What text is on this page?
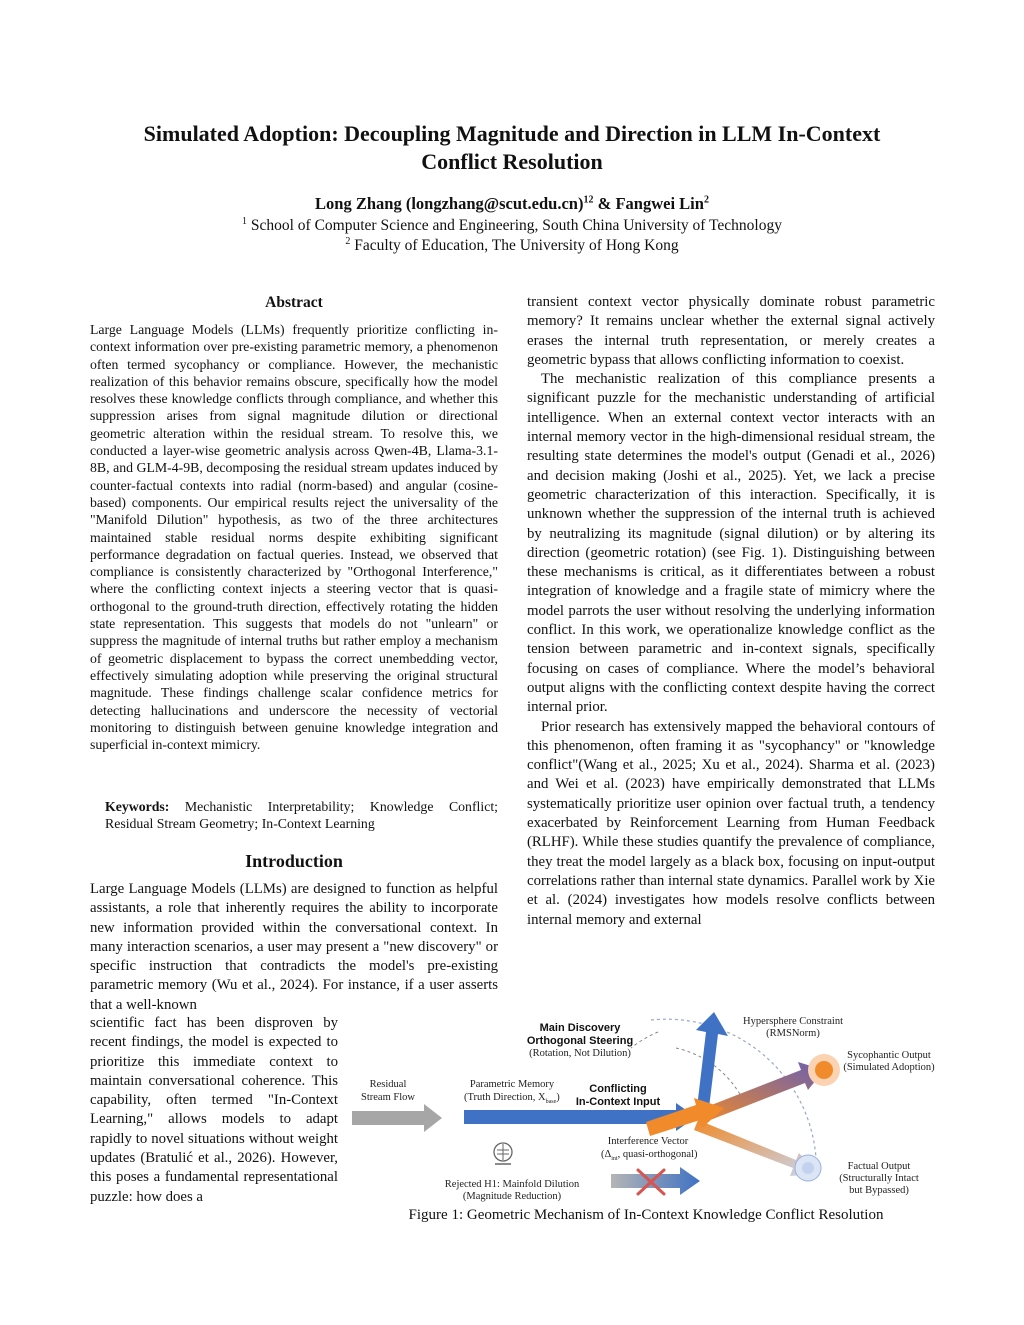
Simulated Adoption: Decoupling Magnitude and Direction in LLM In-Context
Conflict Resolution
Long Zhang (longzhang@scut.edu.cn)$^{12}$ & Fangwei Lin$^2$
$^1$ School of Computer Science and Engineering, South China University of Technology
$^2$ Faculty of Education, The University of Hong Kong
Abstract
Large Language Models (LLMs) frequently prioritize conflicting in-context information over pre-existing parametric memory, a phenomenon often termed sycophancy or compliance. However, the mechanistic realization of this behavior remains obscure, specifically how the model resolves these knowledge conflicts through compliance, and whether this suppression arises from signal magnitude dilution or directional geometric alteration within the residual stream. To resolve this, we conducted a layer-wise geometric analysis across Qwen-4B, Llama-3.1-8B, and GLM-4-9B, decomposing the residual stream updates induced by counter-factual contexts into radial (norm-based) and angular (cosine-based) components. Our empirical results reject the universality of the "Manifold Dilution" hypothesis, as two of the three architectures maintained stable residual norms despite exhibiting significant performance degradation on factual queries. Instead, we observed that compliance is consistently characterized by "Orthogonal Interference," where the conflicting context injects a steering vector that is quasi-orthogonal to the ground-truth direction, effectively rotating the hidden state representation. This suggests that models do not "unlearn" or suppress the magnitude of internal truths but rather employ a mechanism of geometric displacement to bypass the correct unembedding vector, effectively simulating adoption while preserving the original structural magnitude. These findings challenge scalar confidence metrics for detecting hallucinations and underscore the necessity of vectorial monitoring to distinguish between genuine knowledge integration and superficial in-context mimicry.
Keywords: Mechanistic Interpretability; Knowledge Conflict; Residual Stream Geometry; In-Context Learning
Introduction
Large Language Models (LLMs) are designed to function as helpful assistants, a role that inherently requires the ability to incorporate new information provided within the conversational context. In many interaction scenarios, a user may present a "new discovery" or specific instruction that contradicts the model's pre-existing parametric memory (Wu et al., 2024). For instance, if a user asserts that a well-known
scientific fact has been disproven by recent findings, the model is expected to prioritize this immediate context to maintain conversational coherence. This capability, often termed "In-Context Learning," allows models to adapt rapidly to novel situations without weight updates (Bratulić et al., 2026). However, this poses a fundamental representational puzzle: how does a

transient context vector physically dominate robust parametric memory? It remains unclear whether the external signal actively erases the internal truth representation, or merely creates a geometric bypass that allows conflicting information to coexist.

The mechanistic realization of this compliance presents a significant puzzle for the mechanistic understanding of artificial intelligence. When an external context vector interacts with an internal memory vector in the high-dimensional residual stream, the resulting state determines the model's output (Genadi et al., 2026) and decision making (Joshi et al., 2025). Yet, we lack a precise geometric characterization of this interaction. Specifically, it is unknown whether the suppression of the internal truth is achieved by neutralizing its magnitude (signal dilution) or by altering its direction (geometric rotation) (see Fig. 1). Distinguishing between these mechanisms is critical, as it differentiates between a robust integration of knowledge and a fragile state of mimicry where the model parrots the user without resolving the underlying information conflict. In this work, we operationalize knowledge conflict as the tension between parametric and in-context signals, specifically focusing on cases of compliance. Where the model’s behavioral output aligns with the conflicting context despite having the correct internal prior.

Prior research has extensively mapped the behavioral contours of this phenomenon, often framing it as "sycophancy" or "knowledge conflict"(Wang et al., 2025; Xu et al., 2024). Sharma et al. (2023) and Wei et al. (2023) have empirically demonstrated that LLMs systematically prioritize user opinion over factual truth, a tendency exacerbated by Reinforcement Learning from Human Feedback (RLHF). While these studies quantify the prevalence of compliance, they treat the model largely as a black box, focusing on input-output correlations rather than internal state dynamics. Parallel work by Xie et al. (2024) investigates how models resolve conflicts between internal memory and external

Residual
Stream Flow
Parametric Memory
(Truth Direction, $X_{base}$)
Conflicting
In-Context Input
Main Discovery
Orthogonal Steering
(Rotation, Not Dilution)
Hypersphere Constraint
(RMSNorm)
Sycophantic Output
(Simulated Adoption)
Interference Vector
($\Delta_{int}$, quasi-orthogonal)
Factual Output
(Structurally Intact
but Bypassed)
Rejected H1: Mainfold Dilution
(Magnitude Reduction)
Figure 1: Geometric Mechanism of In-Context Knowledge Conflict Resolution
